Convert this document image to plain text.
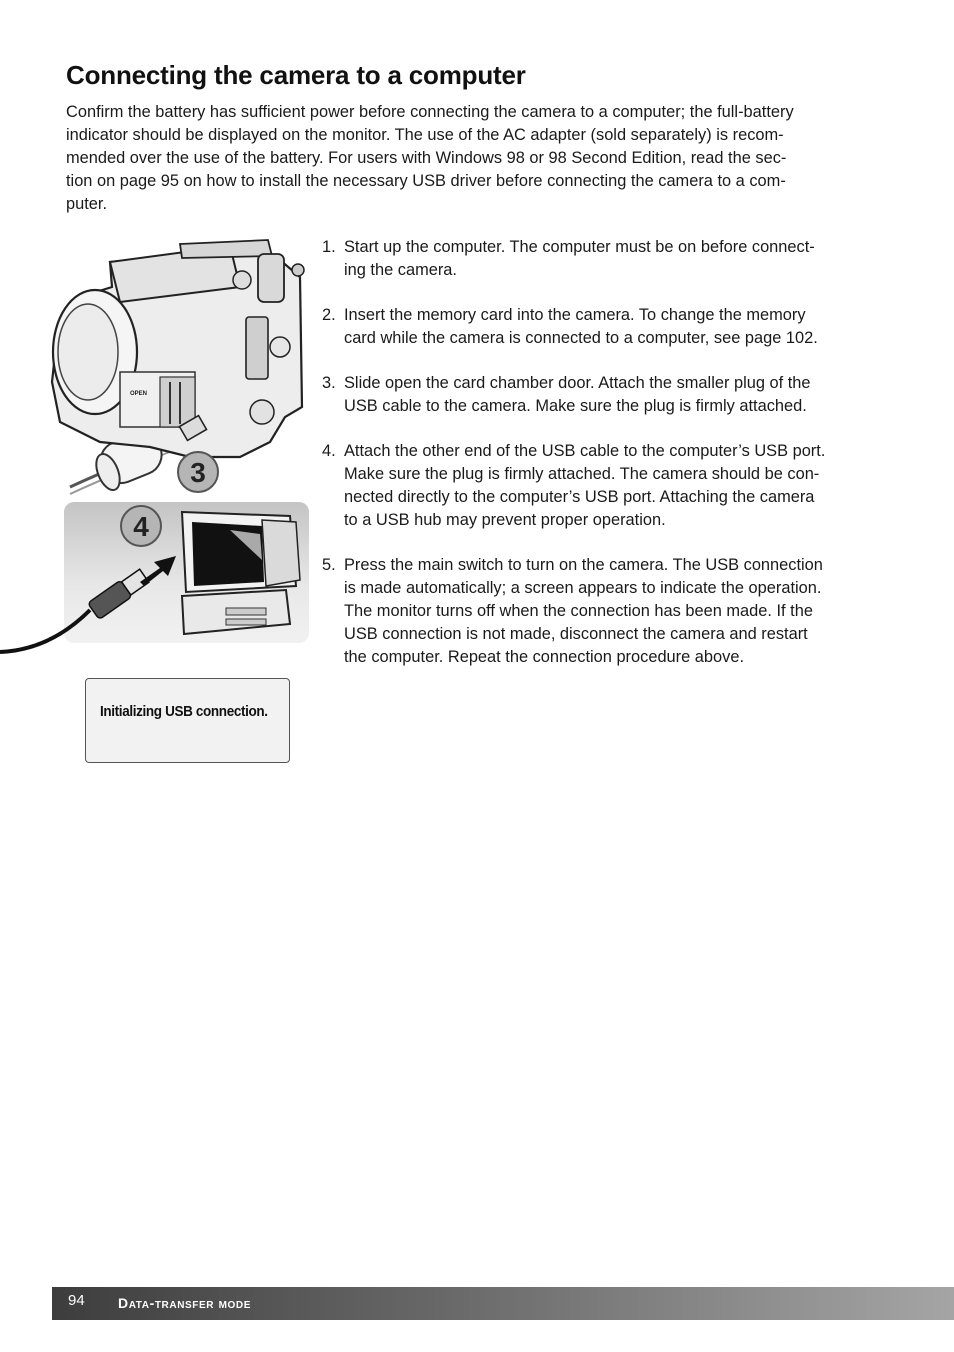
Connecting the camera to a computer
Confirm the battery has sufficient power before connecting the camera to a computer; the full-battery
indicator should be displayed on the monitor. The use of the AC adapter (sold separately) is recom-
mended over the use of the battery. For users with Windows 98 or 98 Second Edition, read the sec-
tion on page 95 on how to install the necessary USB driver before connecting the camera to a com-
puter.
OPEN
3
4
Initializing USB connection.
1. Start up the computer. The computer must be on before connect-
ing the camera.
2. Insert the memory card into the camera. To change the memory
card while the camera is connected to a computer, see page 102.
3. Slide open the card chamber door. Attach the smaller plug of the
USB cable to the camera. Make sure the plug is firmly attached.
4. Attach the other end of the USB cable to the computer’s USB port.
Make sure the plug is firmly attached. The camera should be con-
nected directly to the computer’s USB port. Attaching the camera
to a USB hub may prevent proper operation.
5. Press the main switch to turn on the camera. The USB connection
is made automatically; a screen appears to indicate the operation.
The monitor turns off when the connection has been made. If the
USB connection is not made, disconnect the camera and restart
the computer. Repeat the connection procedure above.
94 Data-transfer mode
